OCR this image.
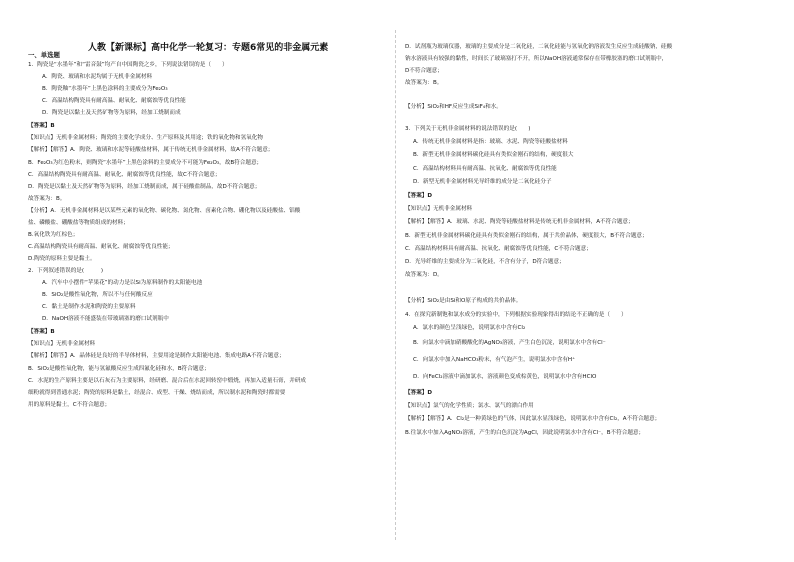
人教【新课标】高中化学一轮复习：专题6常见的非金属元素
一、单选题
1．陶瓷是“水墨年”和“雷音鼓”均产自中国陶瓷之乡，下列说法错误的是（　　）
A．陶瓷、玻璃和水泥均属于无机非金属材料
B．陶瓷釉“水墨年”上黑色涂料的主要成分为Fe₂O₃
C．高温结构陶瓷具有耐高温、耐氧化、耐腐蚀等优良性能
D．陶瓷是以黏土及天然矿物等为原料，经加工烧制而成
【答案】B
【知识点】无机非金属材料；陶瓷的主要化学成分、生产原料及其用途；铁的氧化物和氢氧化物
【解析】【解答】A．陶瓷、玻璃和水泥等硅酸盐材料，属于传统无机非金属材料，故A不符合题意；
B．Fe₂O₃为红色粉末，则陶瓷“水墨年”上黑色涂料的主要成分不可能为Fe₂O₃，故B符合题意；
C．高温结构陶瓷具有耐高温、耐氧化、耐腐蚀等优良性能，故C不符合题意；
D．陶瓷是以黏土及天然矿物等为原料，经加工烧制而成，属于硅酸盐制品，故D不符合题意；
故答案为：B。
【分析】A．无机非金属材料是以某些元素的氧化物、碳化物、氮化物、卤素化合物、硼化物以及硅酸盐、铝酸
盐、磷酸盐、硼酸盐等物质组成的材料；
B.氧化铁为红棕色；
C.高温结构陶瓷具有耐高温、耐氧化、耐腐蚀等优良性能；
D.陶瓷的原料主要是黏土。
2．下列叙述错误的是(　　　)
A．汽车中小摆件“苹果花”的动力是以Si为原料制作的太阳能电池
B．SiO₂是酸性氧化物，所以不与任何酸反应
C．黏土是制作水泥和陶瓷的主要原料
D．NaOH溶液不能盛装在带玻璃塞的磨口试剂瓶中
【答案】B
【知识点】无机非金属材料
【解析】【解答】A．晶体硅是良好的半导体材料，主要用途是制作太阳能电池、集成电路A不符合题意；
B．SiO₂是酸性氧化物，能与氢氟酸反应生成四氟化硅和水，B符合题意；
C．水泥的生产原料主要是以石灰石为主要原料，经研磨、混合后在水泥回转窑中煅烧，再加入适量石膏，并研成
细粉就得到普通水泥；陶瓷的原料是黏土，经混合、成型、干燥、烧结而成，所以制水泥和陶瓷时都需要
用的原料是黏土，C不符合题意；
D．试剂瓶为玻璃仪器，玻璃的主要成分是二氧化硅，二氧化硅能与氢氧化钠溶液发生反应生成硅酸钠，硅酸
钠水溶液具有较强的黏性，时间长了玻璃塞打不开，所以NaOH溶液通常保存在带橡胶塞的磨口试剂瓶中，
D不符合题意；
故答案为：B。
【分析】SiO₂和HF反应生成SiF₄和水。
3．下列关于无机非金属材料的说法错误的是(　　)
A．传统无机非金属材料是指：玻璃、水泥、陶瓷等硅酸盐材料
B．新型无机非金属材料碳化硅具有类似金刚石的结构，硬度很大
C．高温结构材料具有耐高温、抗氧化、耐腐蚀等优良性能
D．新型无机非金属材料光导纤维的成分是二氧化硅分子
【答案】D
【知识点】无机非金属材料
【解析】【解答】A．玻璃、水泥、陶瓷等硅酸盐材料是传统无机非金属材料，A不符合题意；
B．新型无机非金属材料碳化硅具有类似金刚石的结构，属于共价晶体，硬度很大，B不符合题意；
C．高温结构材料具有耐高温、抗氧化、耐腐蚀等优良性能，C不符合题意；
D．光导纤维的主要成分为二氧化硅，不含有分子，D符合题意；
故答案为：D。
【分析】SiO₂是由Si和O原子构成的共价晶体。
4．在探究新制饱和氯水成分的实验中，下列根据实验现象得出的结论不正确的是（　　）
A．氯水的颜色呈浅绿色，说明氯水中含有Cl₂
B．向氯水中滴加硝酸酸化的AgNO₃溶液，产生白色沉淀，说明氯水中含有Cl⁻
C．向氯水中加入NaHCO₃粉末，有气泡产生，说明氯水中含有H⁺
D．向FeCl₂溶液中滴加氯水，溶液颜色变成棕黄色，说明氯水中含有HClO
【答案】D
【知识点】氯气的化学性质；氯水、氯气的漂白作用
【解析】【解答】A．Cl₂是一种黄绿色的气体，因此氯水显浅绿色，说明氯水中含有Cl₂，A不符合题意；
B.往氯水中加入AgNO₃溶液，产生的白色沉淀为AgCl，因此说明氯水中含有Cl⁻，B不符合题意；
